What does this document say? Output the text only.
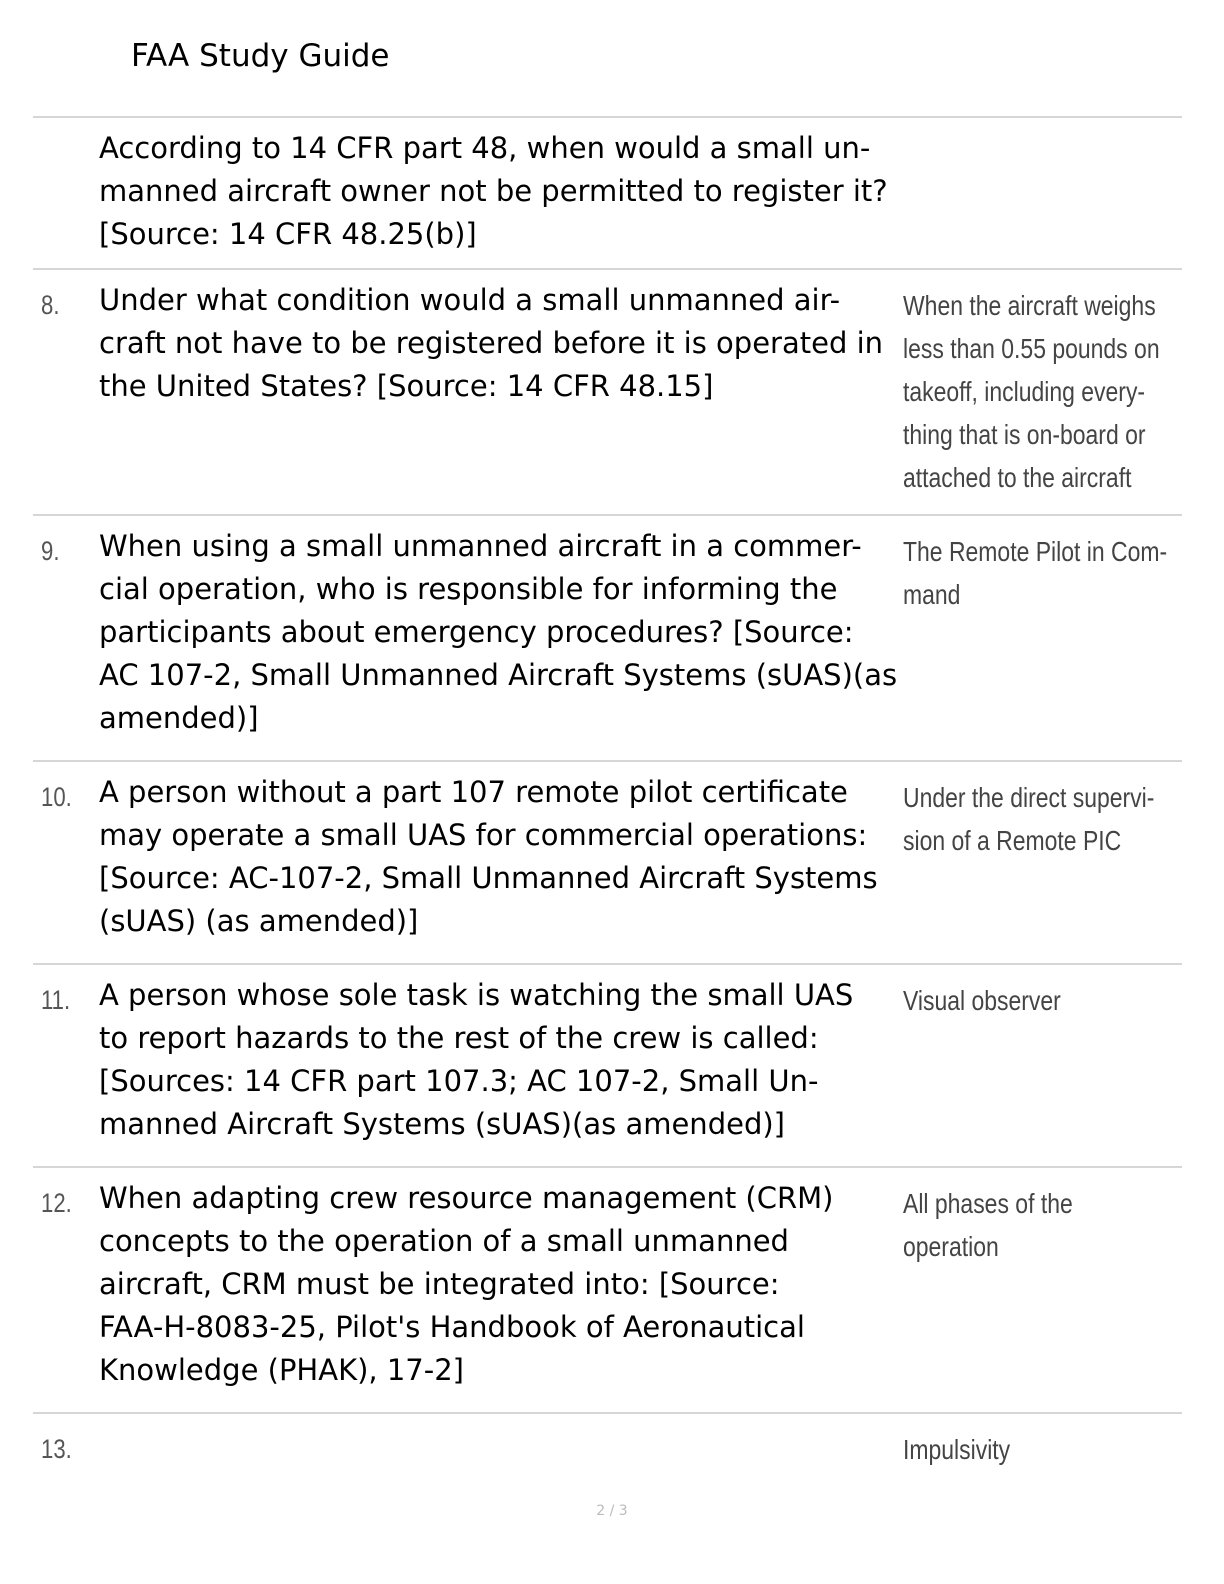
FAA Study Guide
According to 14 CFR part 48, when would a small un-
manned aircraft owner not be permitted to register it?
[Source: 14 CFR 48.25(b)]
8. Under what condition would a small unmanned air-
craft not have to be registered before it is operated in
the United States? [Source: 14 CFR 48.15]
When the aircraft weighs
less than 0.55 pounds on
takeoff, including every-
thing that is on-board or
attached to the aircraft
9. When using a small unmanned aircraft in a commer-
cial operation, who is responsible for informing the
participants about emergency procedures? [Source:
AC 107-2, Small Unmanned Aircraft Systems (sUAS)(as
amended)]
The Remote Pilot in Com-
mand
10. A person without a part 107 remote pilot certificate
may operate a small UAS for commercial operations:
[Source: AC-107-2, Small Unmanned Aircraft Systems
(sUAS) (as amended)]
Under the direct supervi-
sion of a Remote PIC
11. A person whose sole task is watching the small UAS
to report hazards to the rest of the crew is called:
[Sources: 14 CFR part 107.3; AC 107-2, Small Un-
manned Aircraft Systems (sUAS)(as amended)]
Visual observer
12. When adapting crew resource management (CRM)
concepts to the operation of a small unmanned
aircraft, CRM must be integrated into: [Source:
FAA-H-8083-25, Pilot's Handbook of Aeronautical
Knowledge (PHAK), 17-2]
All phases of the operation
13.	Impulsivity
2 / 3
